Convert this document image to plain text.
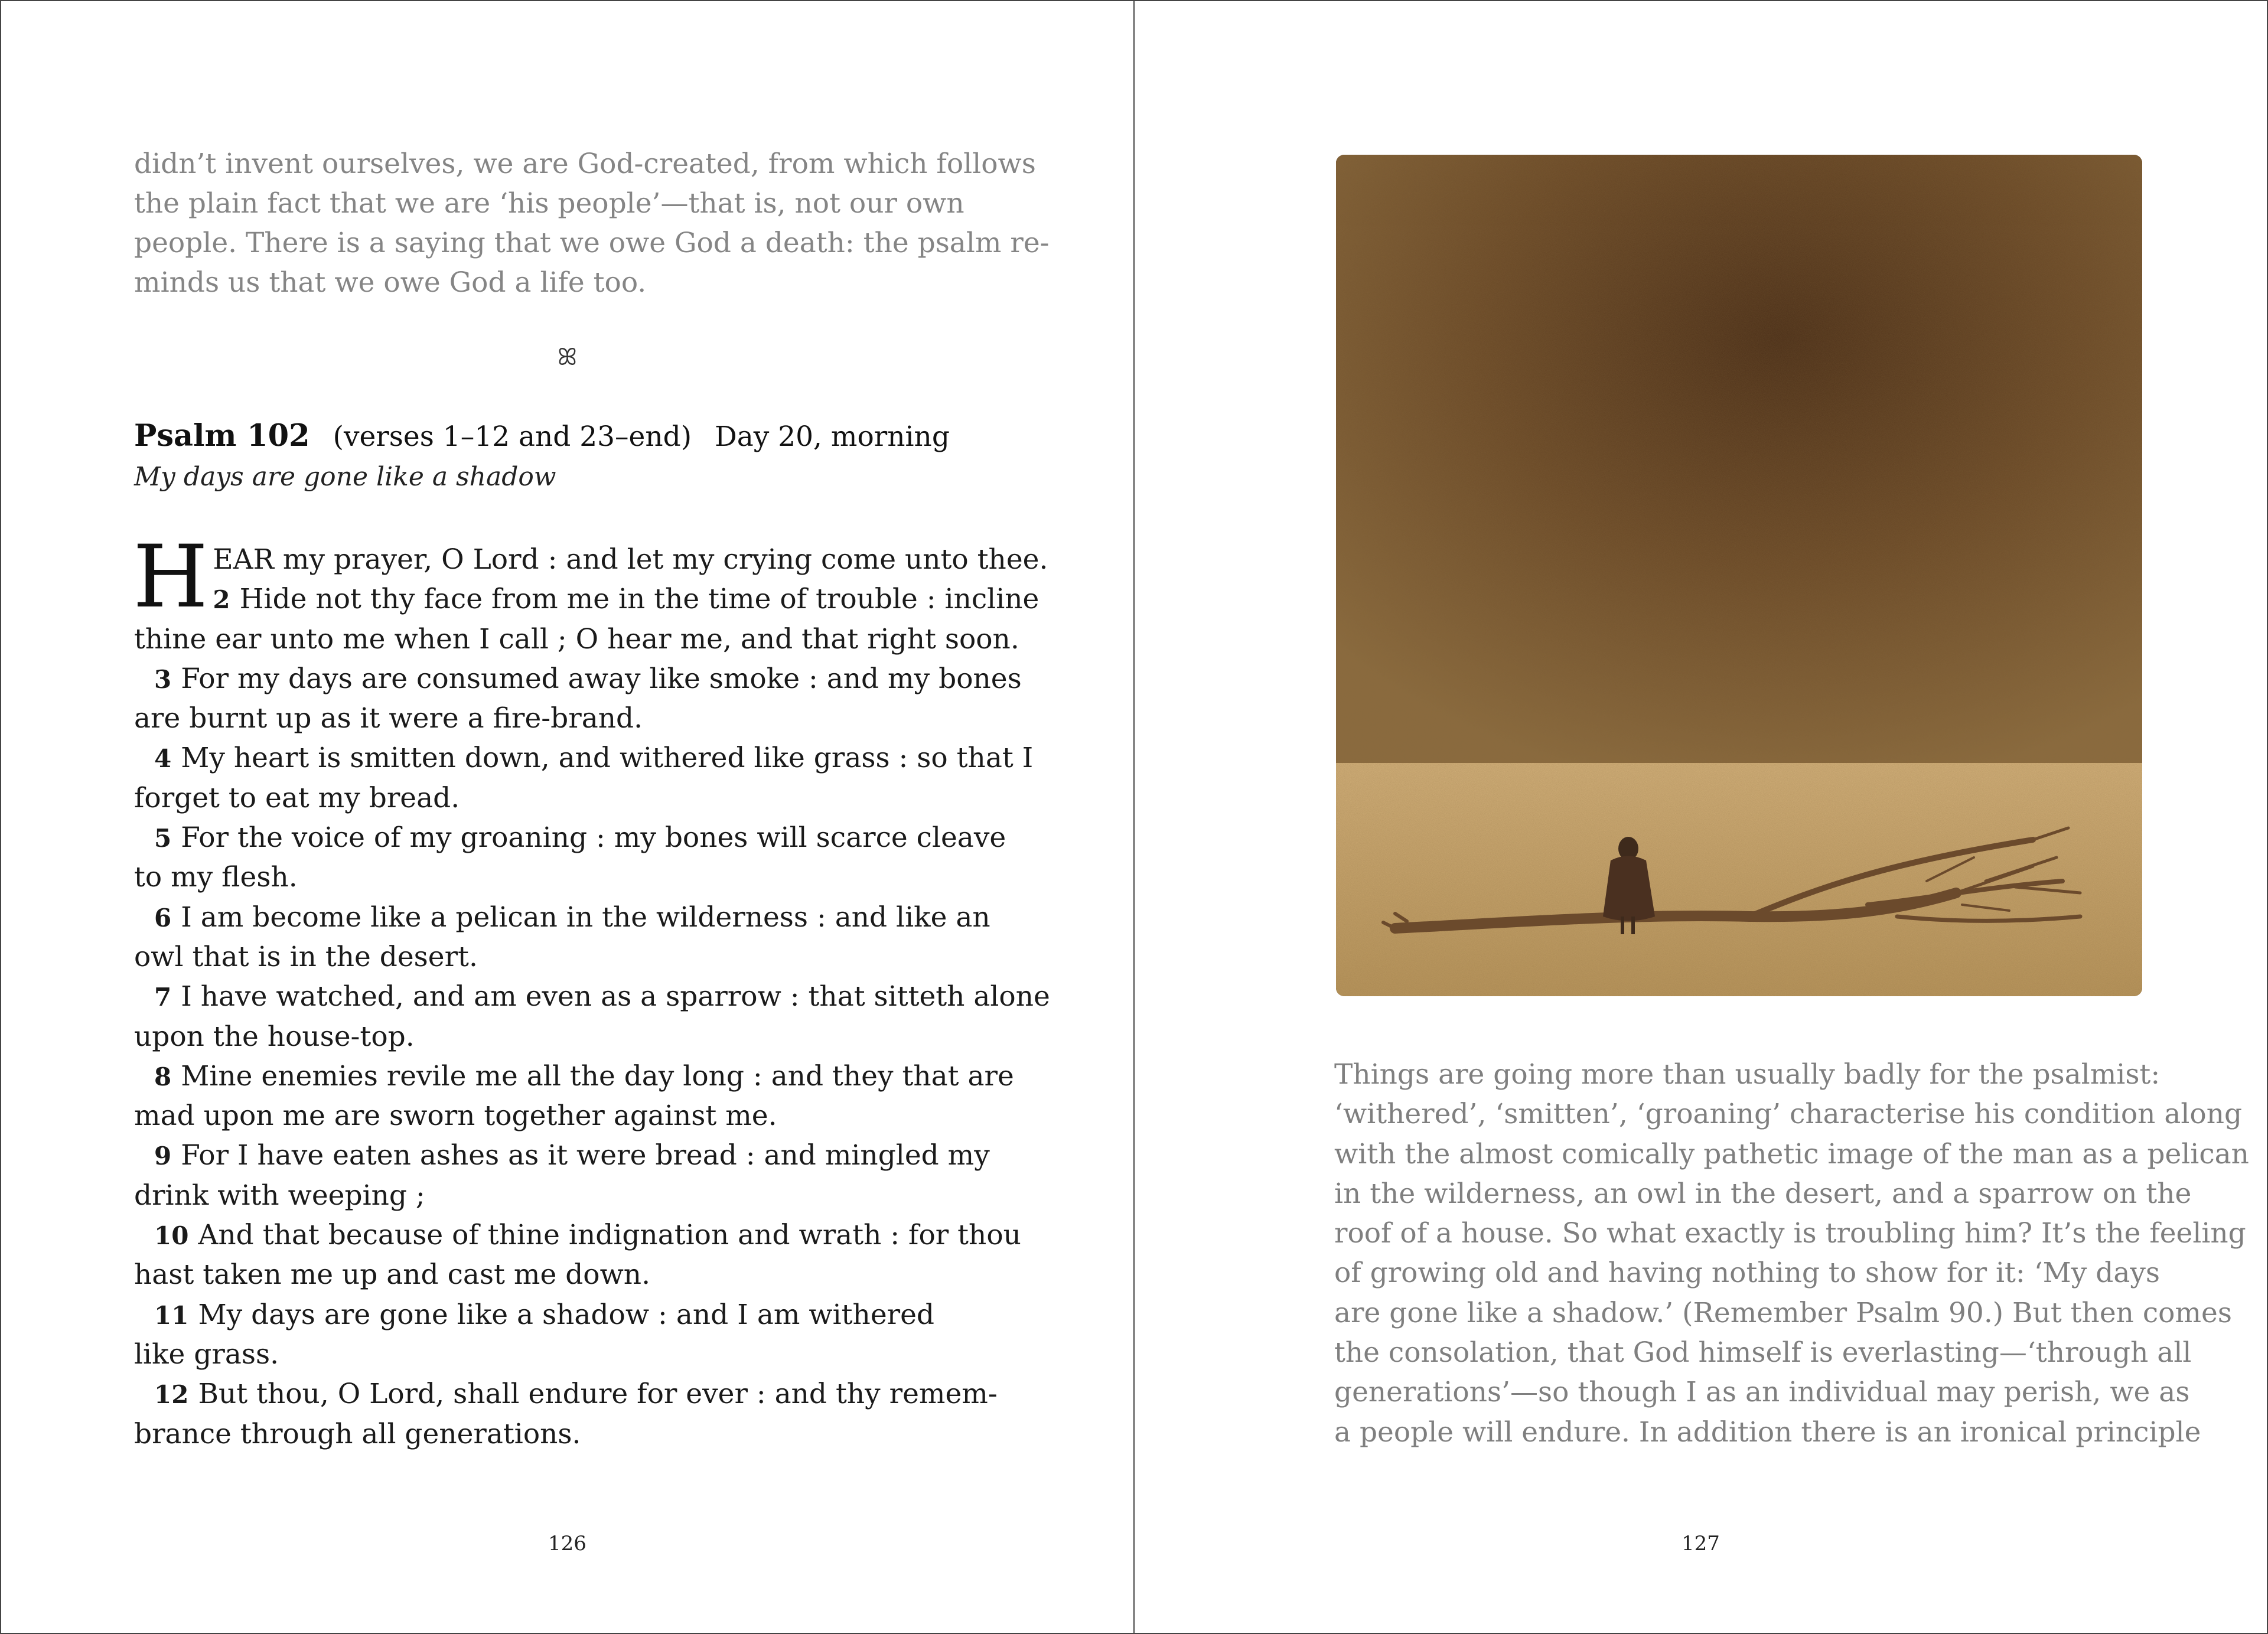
didn’t invent ourselves, we are God-created, from which follows
the plain fact that we are ‘his people’—that is, not our own
people. There is a saying that we owe God a death: the psalm re-
minds us that we owe God a life too.
ꕤ
Psalm 102 (verses 1–12 and 23–end) Day 20, morning
My days are gone like a shadow
H EAR my prayer, O Lord : and let my crying come unto thee.
2 Hide not thy face from me in the time of trouble : incline
thine ear unto me when I call ; O hear me, and that right soon.
3 For my days are consumed away like smoke : and my bones
are burnt up as it were a fire-brand.
4 My heart is smitten down, and withered like grass : so that I
forget to eat my bread.
5 For the voice of my groaning : my bones will scarce cleave
to my flesh.
6 I am become like a pelican in the wilderness : and like an
owl that is in the desert.
7 I have watched, and am even as a sparrow : that sitteth alone
upon the house-top.
8 Mine enemies revile me all the day long : and they that are
mad upon me are sworn together against me.
9 For I have eaten ashes as it were bread : and mingled my
drink with weeping ;
10 And that because of thine indignation and wrath : for thou
hast taken me up and cast me down.
11 My days are gone like a shadow : and I am withered
like grass.
12 But thou, O Lord, shall endure for ever : and thy remem-
brance through all generations.
126
Things are going more than usually badly for the psalmist:
‘withered’, ‘smitten’, ‘groaning’ characterise his condition along
with the almost comically pathetic image of the man as a pelican
in the wilderness, an owl in the desert, and a sparrow on the
roof of a house. So what exactly is troubling him? It’s the feeling
of growing old and having nothing to show for it: ‘My days
are gone like a shadow.’ (Remember Psalm 90.) But then comes
the consolation, that God himself is everlasting—‘through all
generations’—so though I as an individual may perish, we as
a people will endure. In addition there is an ironical principle
127
